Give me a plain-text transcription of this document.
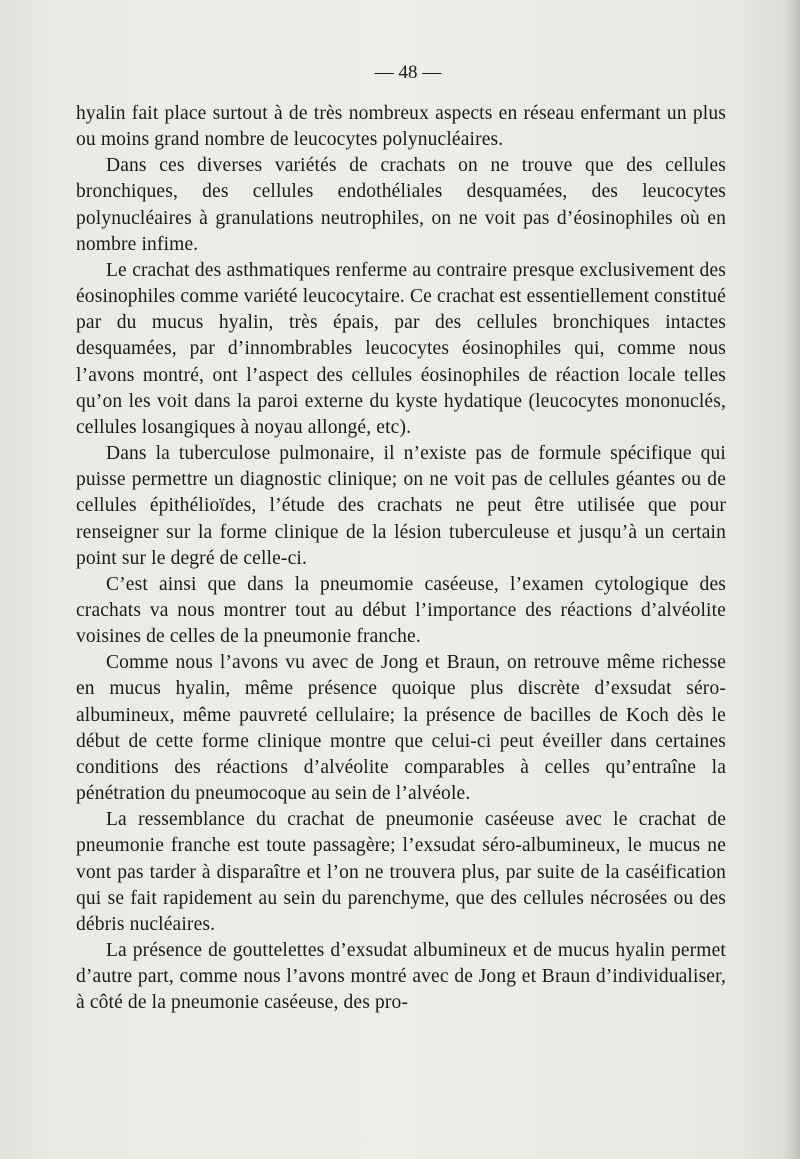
— 48 —

hyalin fait place surtout à de très nombreux aspects en réseau enfermant un plus ou moins grand nombre de leucocytes polynucléaires.

Dans ces diverses variétés de crachats on ne trouve que des cellules bronchiques, des cellules endothéliales desquamées, des leucocytes polynucléaires à granulations neutrophiles, on ne voit pas d’éosinophiles où en nombre infime.

Le crachat des asthmatiques renferme au contraire presque exclusivement des éosinophiles comme variété leucocytaire. Ce crachat est essentiellement constitué par du mucus hyalin, très épais, par des cellules bronchiques intactes desquamées, par d’innombrables leucocytes éosinophiles qui, comme nous l’avons montré, ont l’aspect des cellules éosinophiles de réaction locale telles qu’on les voit dans la paroi externe du kyste hydatique (leucocytes mononuclés, cellules losangiques à noyau allongé, etc).

Dans la tuberculose pulmonaire, il n’existe pas de formule spécifique qui puisse permettre un diagnostic clinique; on ne voit pas de cellules géantes ou de cellules épithélioïdes, l’étude des crachats ne peut être utilisée que pour renseigner sur la forme clinique de la lésion tuberculeuse et jusqu’à un certain point sur le degré de celle-ci.

C’est ainsi que dans la pneumomie caséeuse, l’examen cytologique des crachats va nous montrer tout au début l’importance des réactions d’alvéolite voisines de celles de la pneumonie franche.

Comme nous l’avons vu avec de Jong et Braun, on retrouve même richesse en mucus hyalin, même présence quoique plus discrète d’exsudat séro-albumineux, même pauvreté cellulaire; la présence de bacilles de Koch dès le début de cette forme clinique montre que celui-ci peut éveiller dans certaines conditions des réactions d’alvéolite comparables à celles qu’entraîne la pénétration du pneumocoque au sein de l’alvéole.

La ressemblance du crachat de pneumonie caséeuse avec le crachat de pneumonie franche est toute passagère; l’exsudat séro-albumineux, le mucus ne vont pas tarder à disparaître et l’on ne trouvera plus, par suite de la caséification qui se fait rapidement au sein du parenchyme, que des cellules nécrosées ou des débris nucléaires.

La présence de gouttelettes d’exsudat albumineux et de mucus hyalin permet d’autre part, comme nous l’avons montré avec de Jong et Braun d’individualiser, à côté de la pneumonie caséeuse, des pro-
